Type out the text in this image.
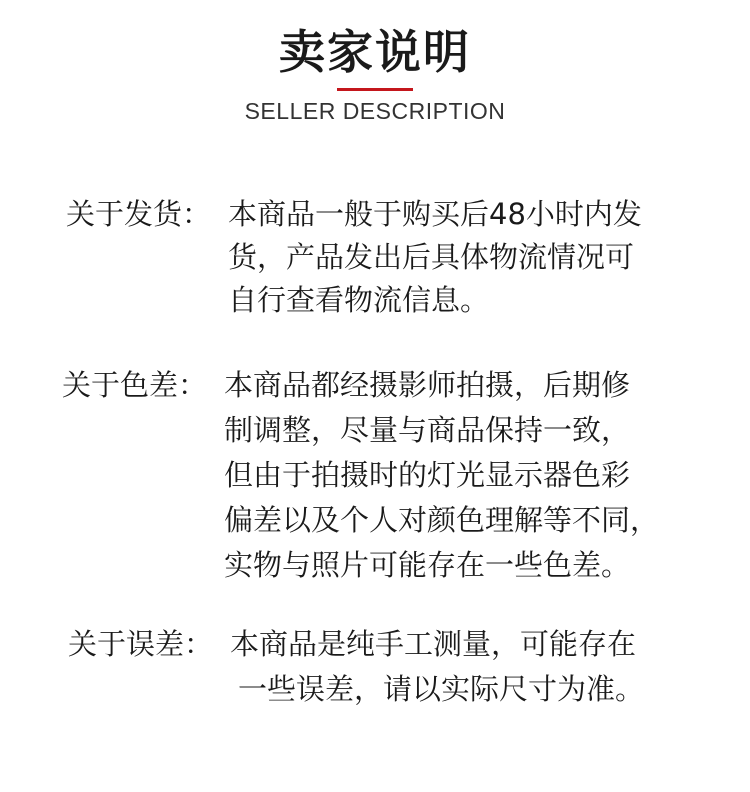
卖家说明
SELLER DESCRIPTION
关于发货： 本商品一般于购买后48小时内发
货，产品发出后具体物流情况可
自行查看物流信息。
关于色差： 本商品都经摄影师拍摄，后期修
制调整，尽量与商品保持一致，
但由于拍摄时的灯光显示器色彩
偏差以及个人对颜色理解等不同，
实物与照片可能存在一些色差。
关于误差： 本商品是纯手工测量，可能存在
一些误差，请以实际尺寸为准。
